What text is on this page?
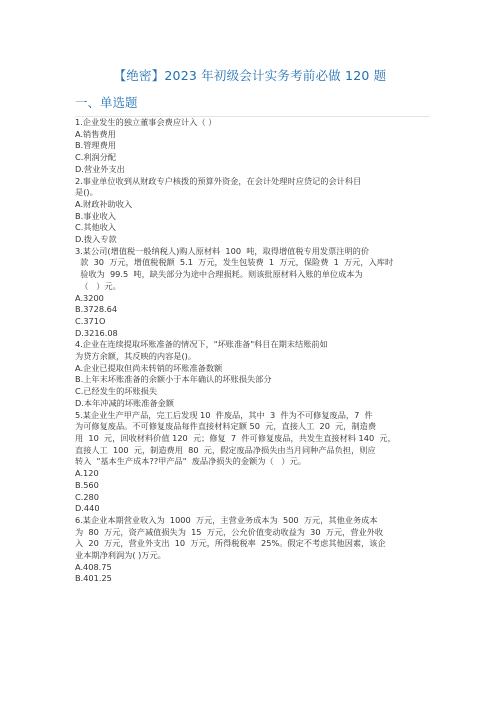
【绝密】2023 年初级会计实务考前必做 120 题
一、单选题
1.企业发生的独立董事会费应计入（ ）
A.销售费用
B.管理费用
C.利润分配
D.营业外支出
2.事业单位收到从财政专户核拨的预算外资金，在会计处理时应贷记的会计科目
是()。
A.财政补助收入
B.事业收入
C.其他收入
D.拨入专款
3.某公司(增值税一般纳税人)购人原材料  100  吨，取得增值税专用发票注明的价
款  30  万元，增值税税额  5.1  万元，发生包装费  1  万元，保险费  1  万元，入库时
验收为  99.5  吨，缺失部分为途中合理损耗。则该批原材料入账的单位成本为
（   ）元。
A.3200
B.3728.64
C.371O
D.3216.08
4.企业在连续提取坏账准备的情况下，"坏账准备"科目在期末结账前如
为贷方余额，其反映的内容是()。
A.企业已提取但尚未转销的坏账准备数额
B.上年末坏账准备的余额小于本年确认的坏账损失部分
C.已经发生的坏账损失
D.本年冲减的坏账准备金额
5.某企业生产甲产品，完工后发现 10  件废品，其中  3  件为不可修复废品，7  件
为可修复废品。不可修复废品每件直接材料定额 50  元，直接人工  20  元，制造费
用  10  元，回收材料价值 120  元；修复  7  件可修复废品，共发生直接材料 140  元，
直接人工  100  元，制造费用  80  元，假定废品净损失由当月同种产品负担，则应
转入  "基本生产成本??甲产品"  废品净损失的金额为（   ）元。
A.120
B.560
C.280
D.440
6.某企业本期营业收入为  1000  万元，主营业务成本为  500  万元，其他业务成本
为  80  万元，资产减值损失为  15  万元，公允价值变动收益为  30  万元，营业外收
入  20  万元，营业外支出  10  万元，所得税税率  25%。假定不考虑其他因素，该企
业本期净利润为( )万元。
A.408.75
B.401.25
